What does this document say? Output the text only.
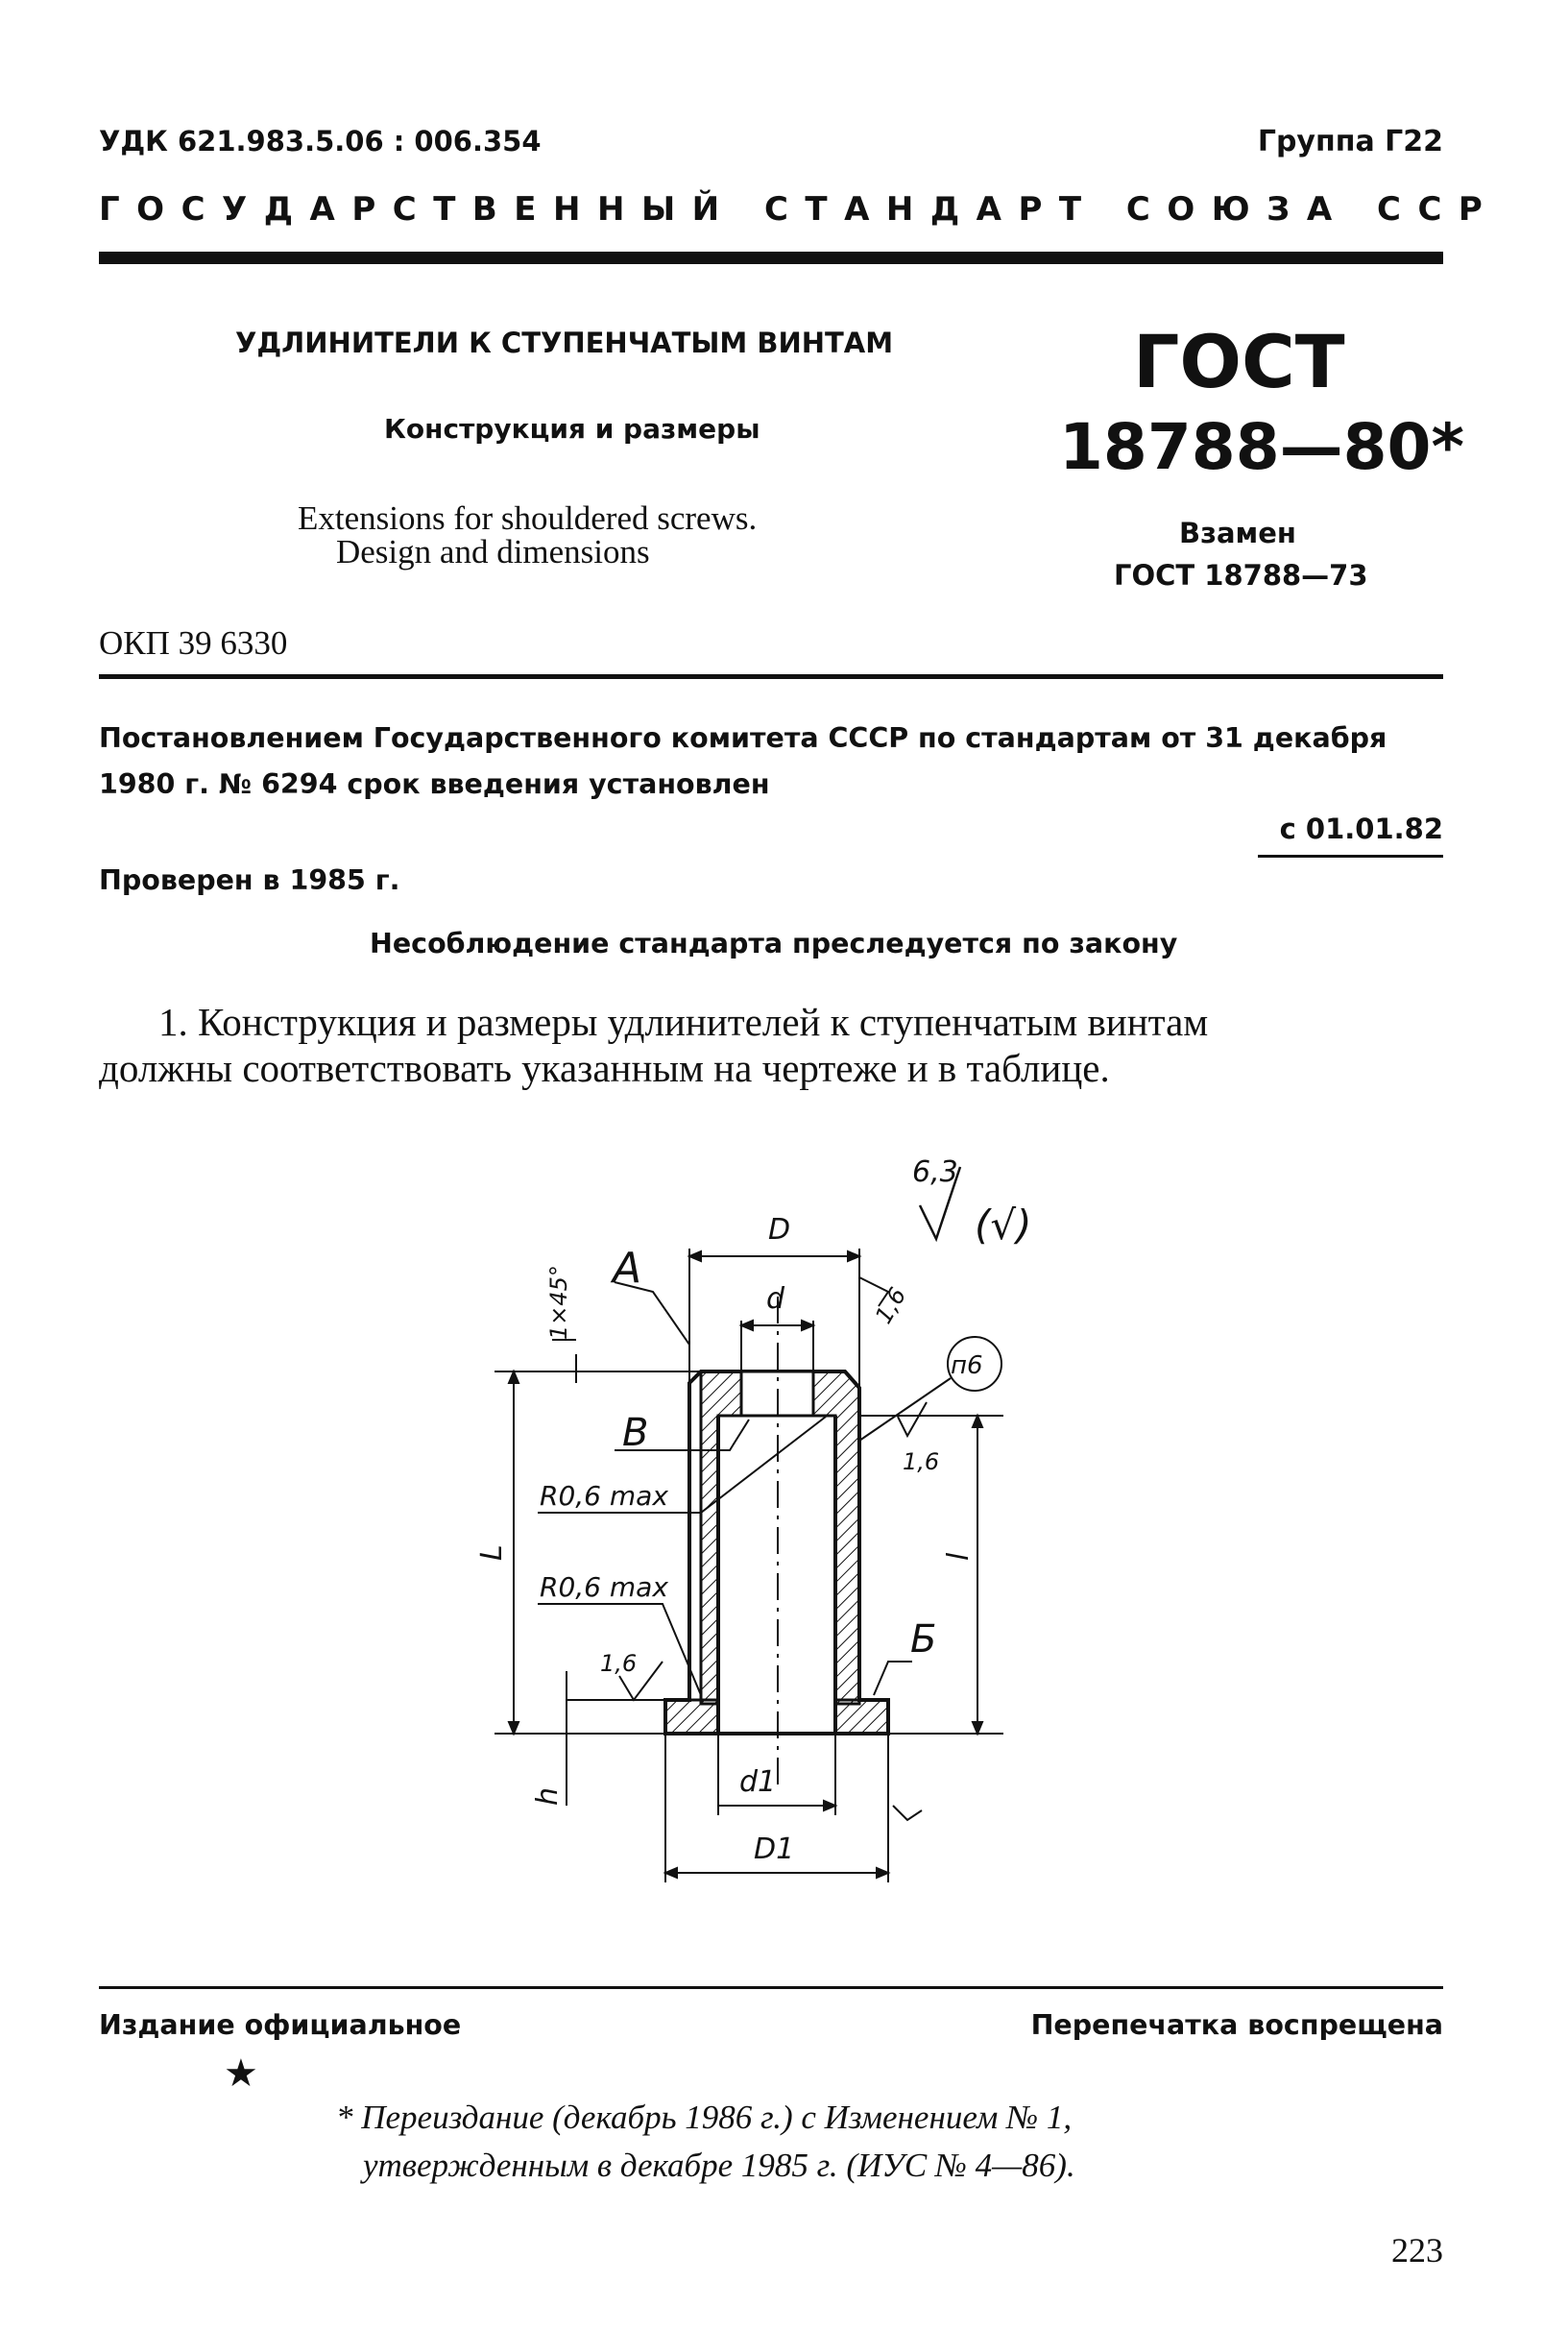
УДК 621.983.5.06 : 006.354	Группа Г22
ГОСУДАРСТВЕННЫЙ СТАНДАРТ СОЮЗА ССР
УДЛИНИТЕЛИ К СТУПЕНЧАТЫМ ВИНТАМ
Конструкция и размеры
Extensions for shouldered screws.
Design and dimensions
ГОСТ
18788—80*
Взамен
ГОСТ 18788—73
ОКП 39 6330
Постановлением Государственного комитета СССР по стандартам от 31 декабря
1980 г. № 6294 срок введения установлен
с 01.01.82
Проверен в 1985 г.
Несоблюдение стандарта преследуется по закону
1. Конструкция и размеры удлинителей к ступенчатым винтам
должны соответствовать указанным на чертеже и в таблице.
6,3
(√)
D
d
A
1×45°	1,6
п6
B
1,6
R0,6 max
R0,6 max
L	l
Б
1,6
h	d1
D1
Издание официальное	Перепечатка воспрещена
★
* Переиздание (декабрь 1986 г.) с Изменением № 1,
утвержденным в декабре 1985 г. (ИУС № 4—86).
223
